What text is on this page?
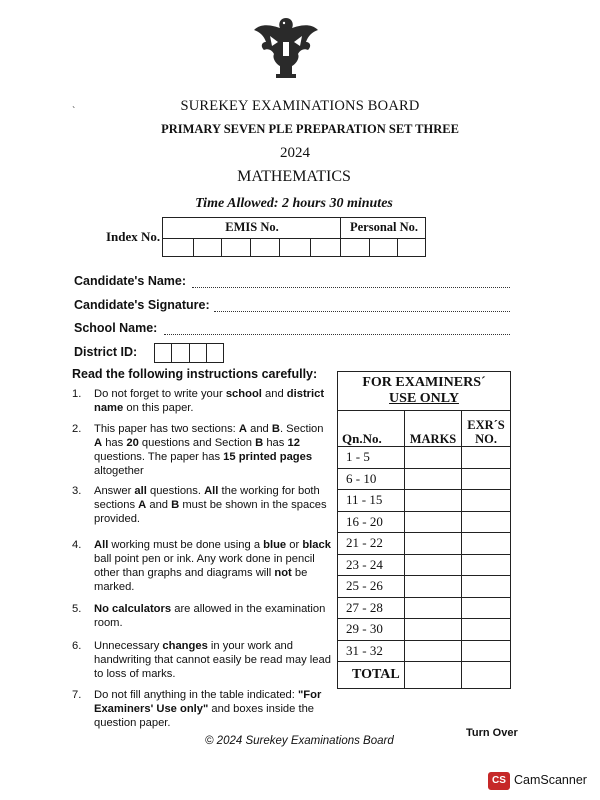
`	SUREKEY EXAMINATIONS BOARD
PRIMARY SEVEN PLE PREPARATION SET THREE
2024
MATHEMATICS
Time Allowed: 2 hours 30 minutes
Index No.
EMIS No.	Personal No.
Candidate's Name:
Candidate's Signature:
School Name:
District ID:
Read the following instructions carefully:
1. Do not forget to write your school and district name on this paper.
2. This paper has two sections: A and B. Section A has 20 questions and Section B has 12 questions. The paper has 15 printed pages altogether
3. Answer all questions. All the working for both sections A and B must be shown in the spaces provided.
4. All working must be done using a blue or black ball point pen or ink. Any work done in pencil other than graphs and diagrams will not be marked.
5. No calculators are allowed in the examination room.
6. Unnecessary changes in your work and handwriting that cannot easily be read may lead to loss of marks.
7. Do not fill anything in the table indicated: "For Examiners' Use only" and boxes inside the question paper.
FOR EXAMINERS´
USE ONLY		

Qn.No.	MARKS	EXR´S NO.
1 - 5		
6 - 10		
11 - 15		
16 - 20		
21 - 22		
23 - 24		
25 - 26		
27 - 28		
29 - 30		
31 - 32		
TOTAL		
© 2024 Surekey Examinations Board
Turn Over
CS CamScanner
